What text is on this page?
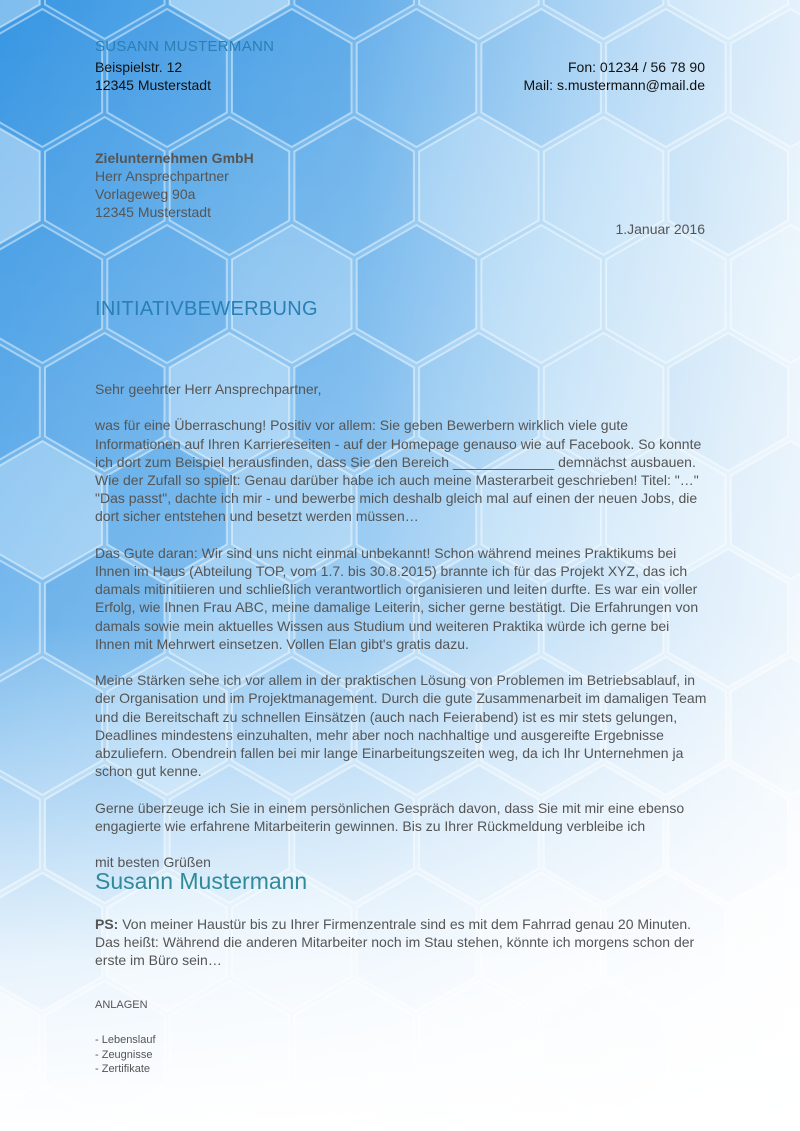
SUSANN MUSTERMANN
Beispielstr. 12
12345 Musterstadt
Fon: 01234 / 56 78 90
Mail: s.mustermann@mail.de
Zielunternehmen GmbH
Herr Ansprechpartner
Vorlageweg 90a
12345 Musterstadt
1.Januar 2016
INITIATIVBEWERBUNG

Sehr geehrter Herr Ansprechpartner,

was für eine Überraschung! Positiv vor allem: Sie geben Bewerbern wirklich viele gute Informationen auf Ihren Karriereseiten - auf der Homepage genauso wie auf Facebook. So konnte ich dort zum Beispiel herausfinden, dass Sie den Bereich _____________ demnächst ausbauen. Wie der Zufall so spielt: Genau darüber habe ich auch meine Masterarbeit geschrieben! Titel: "…" "Das passt", dachte ich mir - und bewerbe mich deshalb gleich mal auf einen der neuen Jobs, die dort sicher entstehen und besetzt werden müssen…

Das Gute daran: Wir sind uns nicht einmal unbekannt! Schon während meines Praktikums bei Ihnen im Haus (Abteilung TOP, vom 1.7. bis 30.8.2015) brannte ich für das Projekt XYZ, das ich damals mitinitiieren und schließlich verantwortlich organisieren und leiten durfte. Es war ein voller Erfolg, wie Ihnen Frau ABC, meine damalige Leiterin, sicher gerne bestätigt. Die Erfahrungen von damals sowie mein aktuelles Wissen aus Studium und weiteren Praktika würde ich gerne bei Ihnen mit Mehrwert einsetzen. Vollen Elan gibt's gratis dazu.

Meine Stärken sehe ich vor allem in der praktischen Lösung von Problemen im Betriebsablauf, in der Organisation und im Projektmanagement. Durch die gute Zusammenarbeit im damaligen Team und die Bereitschaft zu schnellen Einsätzen (auch nach Feierabend) ist es mir stets gelungen, Deadlines mindestens einzuhalten, mehr aber noch nachhaltige und ausgereifte Ergebnisse abzuliefern. Obendrein fallen bei mir lange Einarbeitungszeiten weg, da ich Ihr Unternehmen ja schon gut kenne.

Gerne überzeuge ich Sie in einem persönlichen Gespräch davon, dass Sie mit mir eine ebenso engagierte wie erfahrene Mitarbeiterin gewinnen. Bis zu Ihrer Rückmeldung verbleibe ich

mit besten Grüßen

Susann Mustermann
PS: Von meiner Haustür bis zu Ihrer Firmenzentrale sind es mit dem Fahrrad genau 20 Minuten. Das heißt: Während die anderen Mitarbeiter noch im Stau stehen, könnte ich morgens schon der erste im Büro sein…
ANLAGEN
- Lebenslauf
- Zeugnisse
- Zertifikate
